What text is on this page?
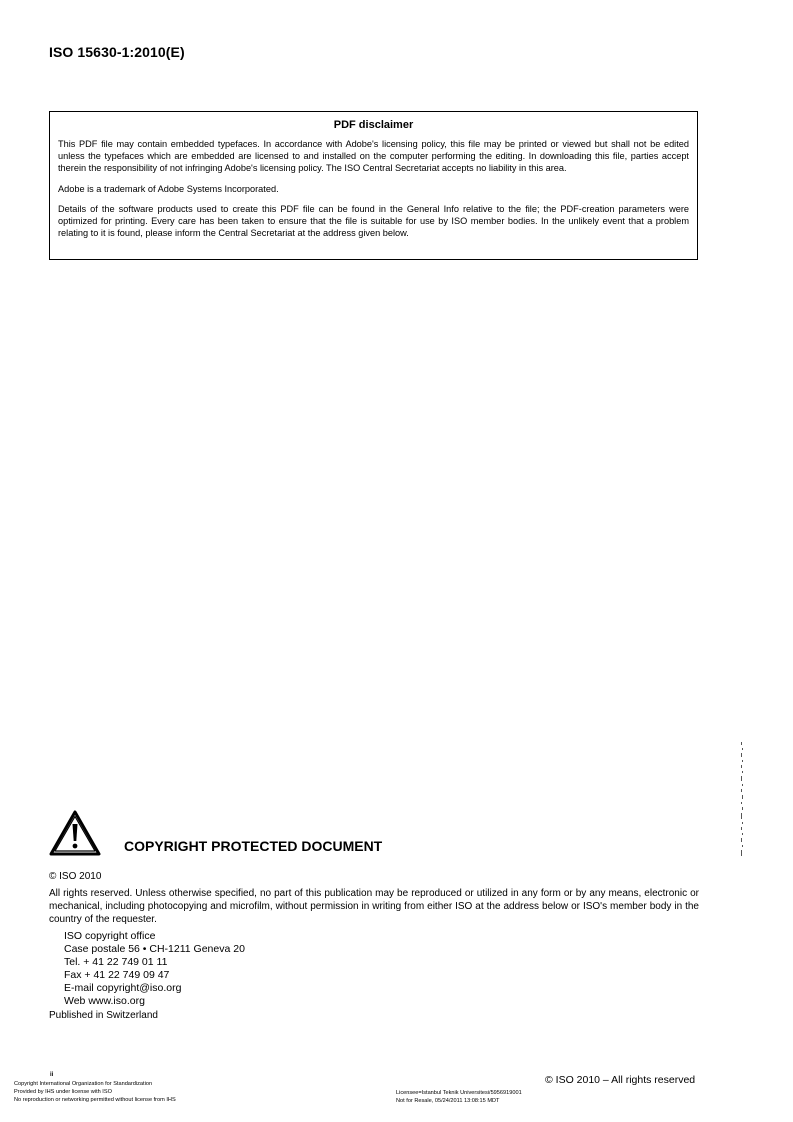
ISO 15630-1:2010(E)
PDF disclaimer

This PDF file may contain embedded typefaces. In accordance with Adobe's licensing policy, this file may be printed or viewed but shall not be edited unless the typefaces which are embedded are licensed to and installed on the computer performing the editing. In downloading this file, parties accept therein the responsibility of not infringing Adobe's licensing policy. The ISO Central Secretariat accepts no liability in this area.

Adobe is a trademark of Adobe Systems Incorporated.

Details of the software products used to create this PDF file can be found in the General Info relative to the file; the PDF-creation parameters were optimized for printing. Every care has been taken to ensure that the file is suitable for use by ISO member bodies. In the unlikely event that a problem relating to it is found, please inform the Central Secretariat at the address given below.

COPYRIGHT PROTECTED DOCUMENT
© ISO 2010

All rights reserved. Unless otherwise specified, no part of this publication may be reproduced or utilized in any form or by any means, electronic or mechanical, including photocopying and microfilm, without permission in writing from either ISO at the address below or ISO's member body in the country of the requester.

ISO copyright office
Case postale 56 • CH-1211 Geneva 20
Tel. + 41 22 749 01 11
Fax + 41 22 749 09 47
E-mail copyright@iso.org
Web www.iso.org
Published in Switzerland
ii
Copyright International Organization for Standardization
Provided by IHS under license with ISO
No reproduction or networking permitted without license from IHS
Licensee=Istanbul Teknik Universitesi/5956919001
Not for Resale, 05/24/2011 13:08:15 MDT
© ISO 2010 – All rights reserved
